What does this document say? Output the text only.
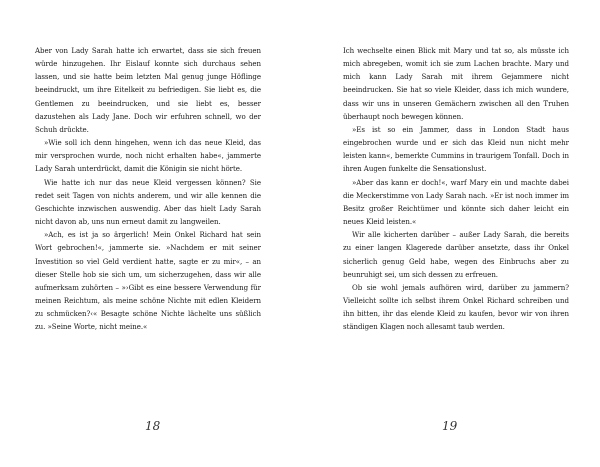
Aber von Lady Sarah hatte ich erwartet, dass sie sich freuen würde hinzugehen. Ihr Eislauf konnte sich durchaus sehen lassen, und sie hatte beim letzten Mal genug junge Höflinge beeindruckt, um ihre Eitelkeit zu befriedigen. Sie liebt es, die Gentlemen zu beeindrucken, und sie liebt es, besser dazustehen als Lady Jane. Doch wir erfuhren schnell, wo der Schuh drückte.

»Wie soll ich denn hingehen, wenn ich das neue Kleid, das mir versprochen wurde, noch nicht erhalten habe«, jammerte Lady Sarah unterdrückt, damit die Königin sie nicht hörte.

Wie hatte ich nur das neue Kleid vergessen können? Sie redet seit Tagen von nichts anderem, und wir alle kennen die Geschichte inzwischen auswendig. Aber das hielt Lady Sarah nicht davon ab, uns nun erneut damit zu langweilen.

»Ach, es ist ja so ärgerlich! Mein Onkel Richard hat sein Wort gebrochen!«, jammerte sie. »Nachdem er mit seiner Investition so viel Geld verdient hatte, sagte er zu mir«, – an dieser Stelle hob sie sich um, um sicherzugehen, dass wir alle aufmerksam zuhörten – »›Gibt es eine bessere Verwendung für meinen Reichtum, als meine schöne Nichte mit edlen Kleidern zu schmücken?‹« Besagte schöne Nichte lächelte uns süßlich zu. »Seine Worte, nicht meine.«

18

Ich wechselte einen Blick mit Mary und tat so, als müsste ich mich abregeben, womit ich sie zum Lachen brachte. Mary und mich kann Lady Sarah mit ihrem Gejammere nicht beeindrucken. Sie hat so viele Kleider, dass ich mich wundere, dass wir uns in unseren Gemächern zwischen all den Truhen überhaupt noch bewegen können.

»Es ist so ein Jammer, dass in London Stadt haus eingebrochen wurde und er sich das Kleid nun nicht mehr leisten kann«, bemerkte Cummins in traurigem Tonfall. Doch in ihren Augen funkelte die Sensationslust.

»Aber das kann er doch!«, warf Mary ein und machte dabei die Meckerstimme von Lady Sarah nach. »Er ist noch immer im Besitz großer Reichtümer und könnte sich daher leicht ein neues Kleid leisten.«

Wir alle kicherten darüber – außer Lady Sarah, die bereits zu einer langen Klagerede darüber ansetzte, dass ihr Onkel sicherlich genug Geld habe, wegen des Einbruchs aber zu beunruhigt sei, um sich dessen zu erfreuen.

Ob sie wohl jemals aufhören wird, darüber zu jammern? Vielleicht sollte ich selbst ihrem Onkel Richard schreiben und ihn bitten, ihr das elende Kleid zu kaufen, bevor wir von ihren ständigen Klagen noch allesamt taub werden.

19
